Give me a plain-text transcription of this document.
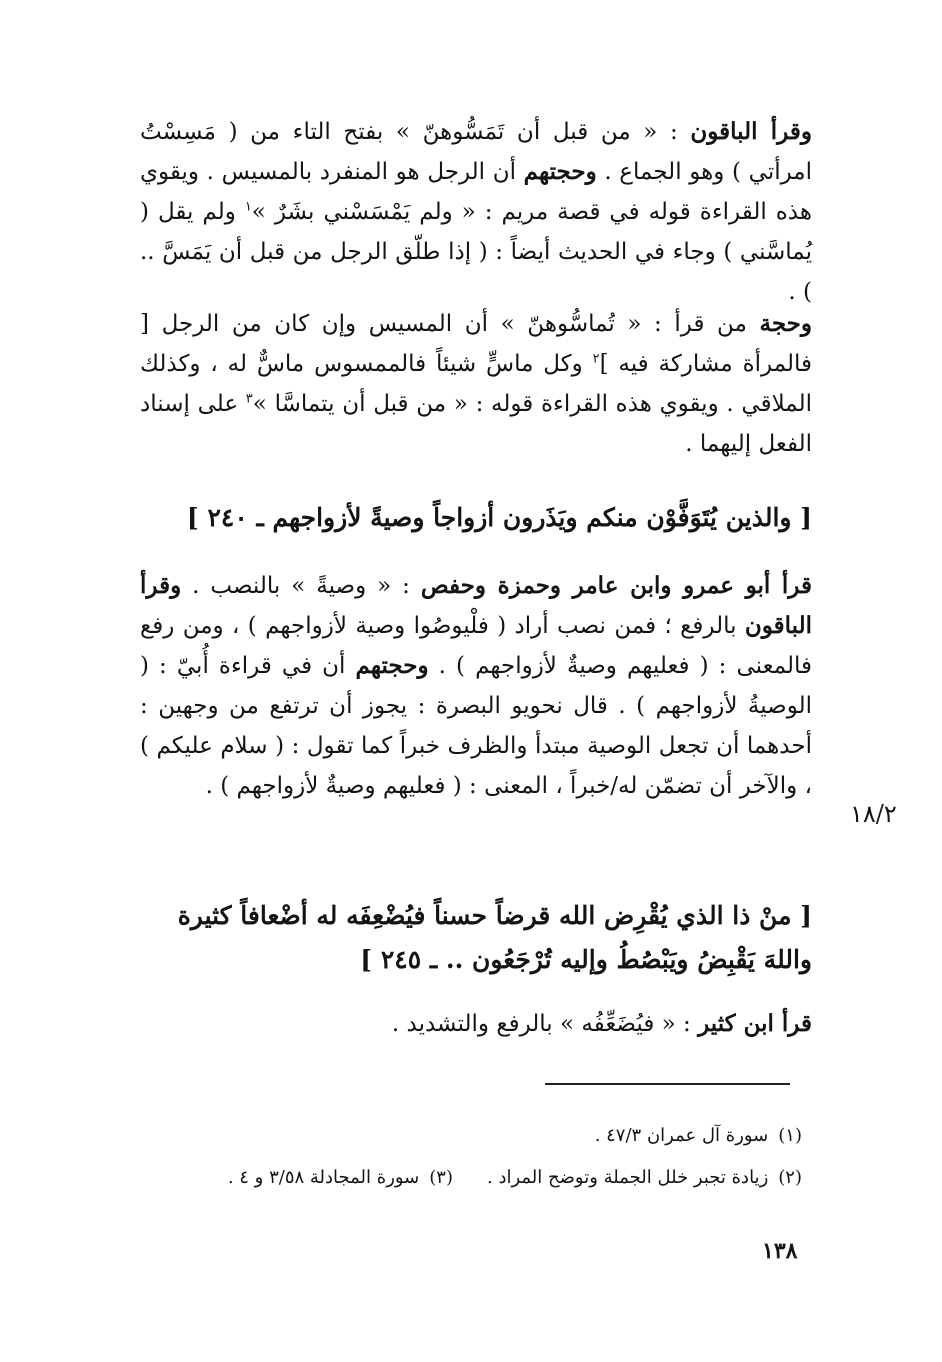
وقرأ الباقون : « من قبل أن تَمَسُّوهنّ » بفتح التاء من ( مَسِسْتُ امرأتي ) وهو الجماع . وحجتهم أن الرجل هو المنفرد بالمسيس . ويقوي هذه القراءة قوله في قصة مريم : « ولم يَمْسَسْني بشَرٌ »$^١$ ولم يقل ( يُماسَّني ) وجاء في الحديث أيضاً : ( إذا طلّق الرجل من قبل أن يَمَسَّ .. ) .

وحجة من قرأ : « تُماسُّوهنّ » أن المسيس وإن كان من الرجل [ فالمرأة مشاركة فيه ]$^٢$ وكل ماسٍّ شيئاً فالممسوس ماسٌّ له ، وكذلك الملاقي . ويقوي هذه القراءة قوله : « من قبل أن يتماسَّا »$^٣$ على إسناد الفعل إليهما .

[ والذين يُتَوَفَّوْن منكم ويَذَرون أزواجاً وصيةً لأزواجهم ـ ٢٤٠ ]

قرأ أبو عمرو وابن عامر وحمزة وحفص : « وصيةً » بالنصب . وقرأ الباقون بالرفع ؛ فمن نصب أراد ( فلْيوصُوا وصية لأزواجهم ) ، ومن رفع فالمعنى : ( فعليهم وصيةٌ لأزواجهم ) . وحجتهم أن في قراءة أُبيّ : ( الوصيةُ لأزواجهم ) . قال نحويو البصرة : يجوز أن ترتفع من وجهين : أحدهما أن تجعل الوصية مبتدأ والظرف خبراً كما تقول : ( سلام عليكم ) ، والآخر أن تضمّن له/خبراً ، المعنى : ( فعليهم وصيةٌ لأزواجهم ) .

١٨/٢
[ منْ ذا الذي يُقْرِض الله قرضاً حسناً فيُضْعِفَه له أضْعافاً كثيرة
واللهَ يَقْبِضُ ويَبْصُطُ وإليه تُرْجَعُون .. ـ ٢٤٥ ]

قرأ ابن كثير : « فيُضَعِّفُه » بالرفع والتشديد .

(١)سورة آل عمران ٤٧/٣ .
(٢)زيادة تجبر خلل الجملة وتوضح المراد .(٣)سورة المجادلة ٣/٥٨ و ٤ .
١٣٨
